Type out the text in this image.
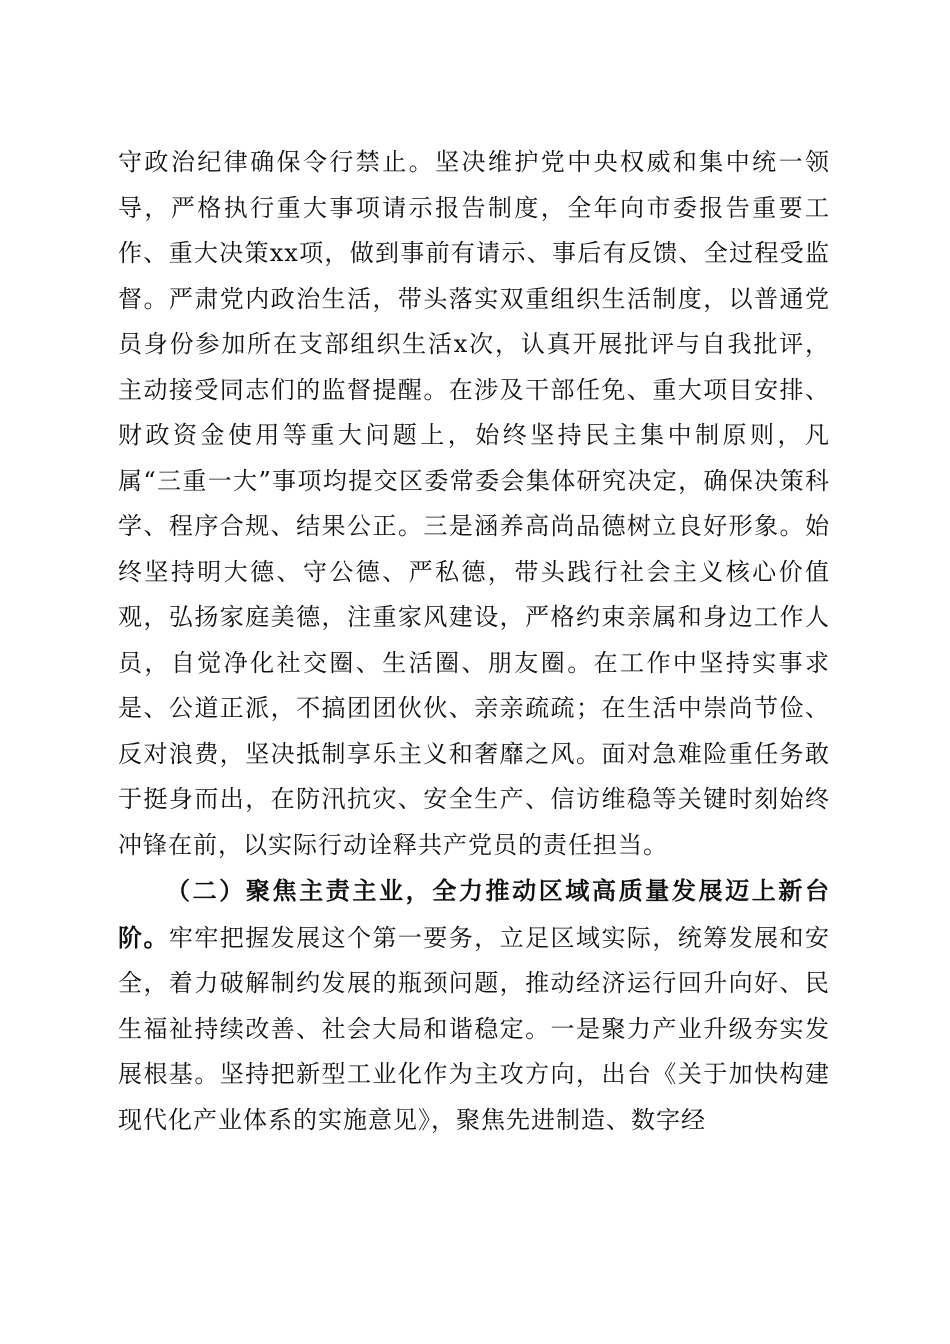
守政治纪律确保令行禁止。坚决维护党中央权威和集中统一领导，严格执行重大事项请示报告制度，全年向市委报告重要工作、重大决策xx项，做到事前有请示、事后有反馈、全过程受监督。严肃党内政治生活，带头落实双重组织生活制度，以普通党员身份参加所在支部组织生活x次，认真开展批评与自我批评，主动接受同志们的监督提醒。在涉及干部任免、重大项目安排、财政资金使用等重大问题上，始终坚持民主集中制原则，凡属“三重一大”事项均提交区委常委会集体研究决定，确保决策科学、程序合规、结果公正。三是涵养高尚品德树立良好形象。始终坚持明大德、守公德、严私德，带头践行社会主义核心价值观，弘扬家庭美德，注重家风建设，严格约束亲属和身边工作人员，自觉净化社交圈、生活圈、朋友圈。在工作中坚持实事求是、公道正派，不搞团团伙伙、亲亲疏疏；在生活中崇尚节俭、反对浪费，坚决抵制享乐主义和奢靡之风。面对急难险重任务敢于挺身而出，在防汛抗灾、安全生产、信访维稳等关键时刻始终冲锋在前，以实际行动诠释共产党员的责任担当。

（二）聚焦主责主业，全力推动区域高质量发展迈上新台阶。牢牢把握发展这个第一要务，立足区域实际，统筹发展和安全，着力破解制约发展的瓶颈问题，推动经济运行回升向好、民生福祉持续改善、社会大局和谐稳定。一是聚力产业升级夯实发展根基。坚持把新型工业化作为主攻方向，出台《关于加快构建现代化产业体系的实施意见》，聚焦先进制造、数字经
